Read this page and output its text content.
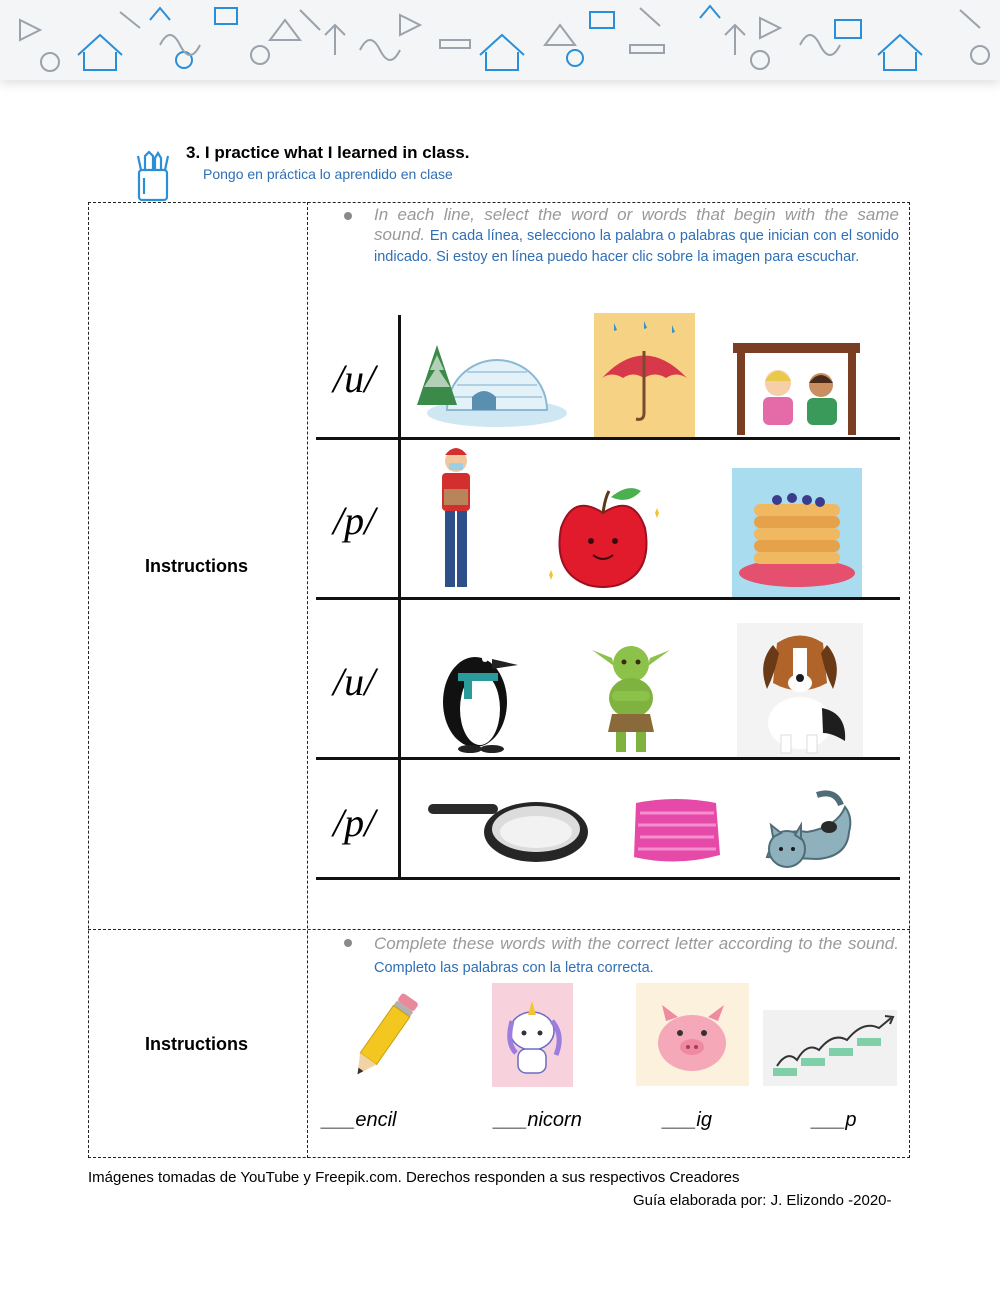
3. I practice what I learned in class.
Pongo en práctica lo aprendido en clase
Instructions
In each line, select the word or words that begin with the same sound. En cada línea, selecciono la palabra o palabras que inician con el sonido indicado. Si estoy en línea puedo hacer clic sobre la imagen para escuchar.
/u/
/p/
/u/
/p/
Instructions
Complete these words with the correct letter according to the sound. Completo las palabras con la letra correcta.
___encil	___nicorn	___ig	___p
Imágenes tomadas de YouTube y Freepik.com. Derechos responden a sus respectivos Creadores
Guía elaborada por: J. Elizondo -2020-
